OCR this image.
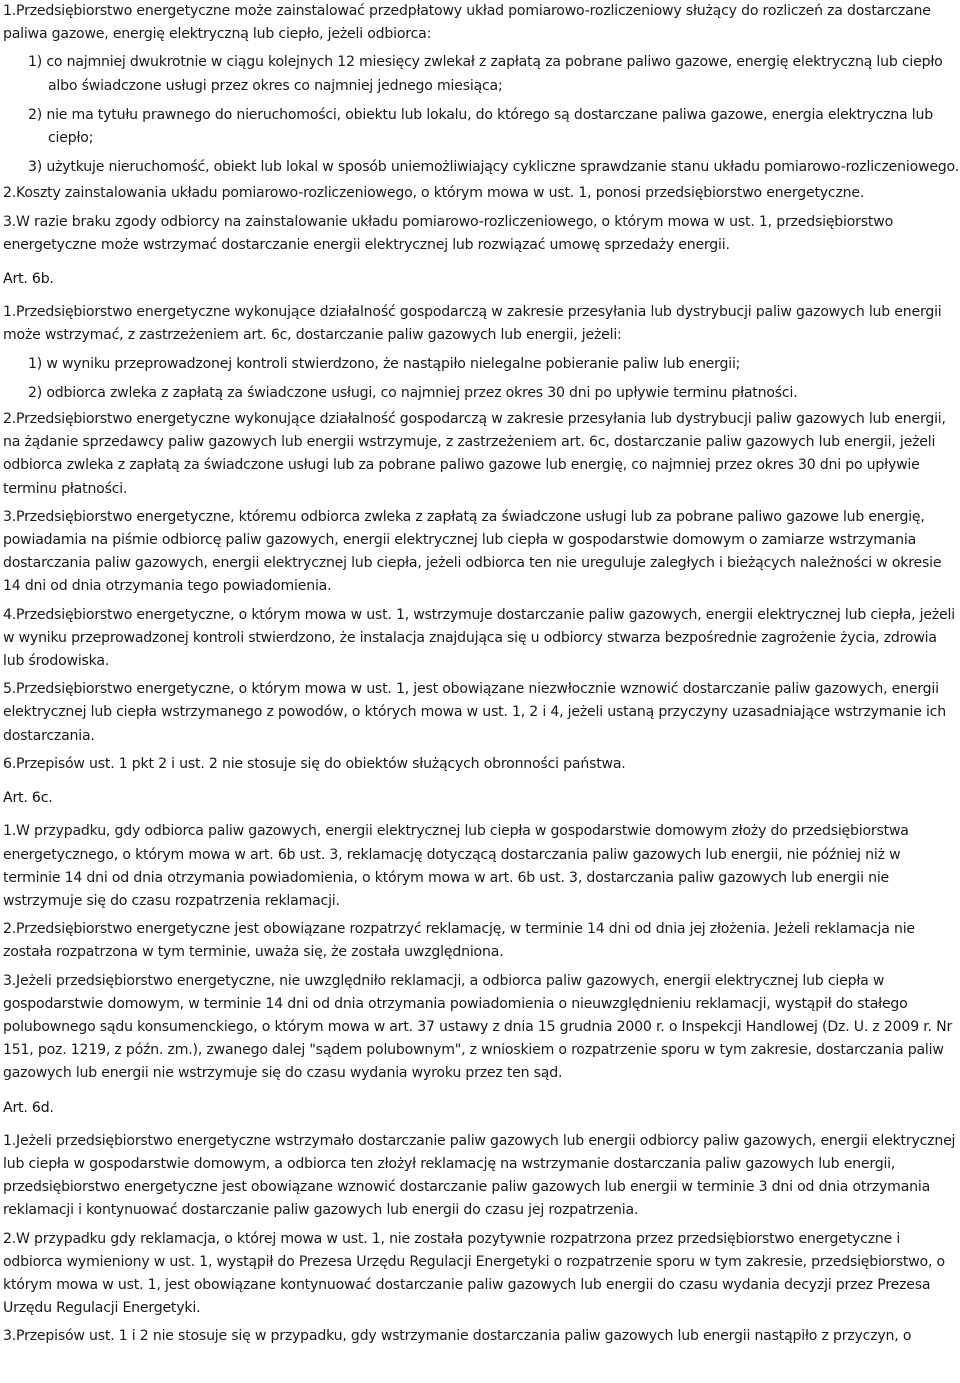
1.Przedsiębiorstwo energetyczne może zainstalować przedpłatowy układ pomiarowo-rozliczeniowy służący do rozliczeń za dostarczane paliwa gazowe, energię elektryczną lub ciepło, jeżeli odbiorca:

1) co najmniej dwukrotnie w ciągu kolejnych 12 miesięcy zwlekał z zapłatą za pobrane paliwo gazowe, energię elektryczną lub ciepło albo świadczone usługi przez okres co najmniej jednego miesiąca;

2) nie ma tytułu prawnego do nieruchomości, obiektu lub lokalu, do którego są dostarczane paliwa gazowe, energia elektryczna lub ciepło;

3) użytkuje nieruchomość, obiekt lub lokal w sposób uniemożliwiający cykliczne sprawdzanie stanu układu pomiarowo-rozliczeniowego.

2.Koszty zainstalowania układu pomiarowo-rozliczeniowego, o którym mowa w ust. 1, ponosi przedsiębiorstwo energetyczne.

3.W razie braku zgody odbiorcy na zainstalowanie układu pomiarowo-rozliczeniowego, o którym mowa w ust. 1, przedsiębiorstwo energetyczne może wstrzymać dostarczanie energii elektrycznej lub rozwiązać umowę sprzedaży energii.

Art. 6b.

1.Przedsiębiorstwo energetyczne wykonujące działalność gospodarczą w zakresie przesyłania lub dystrybucji paliw gazowych lub energii może wstrzymać, z zastrzeżeniem art. 6c, dostarczanie paliw gazowych lub energii, jeżeli:

1) w wyniku przeprowadzonej kontroli stwierdzono, że nastąpiło nielegalne pobieranie paliw lub energii;

2) odbiorca zwleka z zapłatą za świadczone usługi, co najmniej przez okres 30 dni po upływie terminu płatności.

2.Przedsiębiorstwo energetyczne wykonujące działalność gospodarczą w zakresie przesyłania lub dystrybucji paliw gazowych lub energii, na żądanie sprzedawcy paliw gazowych lub energii wstrzymuje, z zastrzeżeniem art. 6c, dostarczanie paliw gazowych lub energii, jeżeli odbiorca zwleka z zapłatą za świadczone usługi lub za pobrane paliwo gazowe lub energię, co najmniej przez okres 30 dni po upływie terminu płatności.

3.Przedsiębiorstwo energetyczne, któremu odbiorca zwleka z zapłatą za świadczone usługi lub za pobrane paliwo gazowe lub energię, powiadamia na piśmie odbiorcę paliw gazowych, energii elektrycznej lub ciepła w gospodarstwie domowym o zamiarze wstrzymania dostarczania paliw gazowych, energii elektrycznej lub ciepła, jeżeli odbiorca ten nie ureguluje zaległych i bieżących należności w okresie 14 dni od dnia otrzymania tego powiadomienia.

4.Przedsiębiorstwo energetyczne, o którym mowa w ust. 1, wstrzymuje dostarczanie paliw gazowych, energii elektrycznej lub ciepła, jeżeli w wyniku przeprowadzonej kontroli stwierdzono, że instalacja znajdująca się u odbiorcy stwarza bezpośrednie zagrożenie życia, zdrowia lub środowiska.

5.Przedsiębiorstwo energetyczne, o którym mowa w ust. 1, jest obowiązane niezwłocznie wznowić dostarczanie paliw gazowych, energii elektrycznej lub ciepła wstrzymanego z powodów, o których mowa w ust. 1, 2 i 4, jeżeli ustaną przyczyny uzasadniające wstrzymanie ich dostarczania.

6.Przepisów ust. 1 pkt 2 i ust. 2 nie stosuje się do obiektów służących obronności państwa.

Art. 6c.

1.W przypadku, gdy odbiorca paliw gazowych, energii elektrycznej lub ciepła w gospodarstwie domowym złoży do przedsiębiorstwa energetycznego, o którym mowa w art. 6b ust. 3, reklamację dotyczącą dostarczania paliw gazowych lub energii, nie później niż w terminie 14 dni od dnia otrzymania powiadomienia, o którym mowa w art. 6b ust. 3, dostarczania paliw gazowych lub energii nie wstrzymuje się do czasu rozpatrzenia reklamacji.

2.Przedsiębiorstwo energetyczne jest obowiązane rozpatrzyć reklamację, w terminie 14 dni od dnia jej złożenia. Jeżeli reklamacja nie została rozpatrzona w tym terminie, uważa się, że została uwzględniona.

3.Jeżeli przedsiębiorstwo energetyczne, nie uwzględniło reklamacji, a odbiorca paliw gazowych, energii elektrycznej lub ciepła w gospodarstwie domowym, w terminie 14 dni od dnia otrzymania powiadomienia o nieuwzględnieniu reklamacji, wystąpił do stałego polubownego sądu konsumenckiego, o którym mowa w art. 37 ustawy z dnia 15 grudnia 2000 r. o Inspekcji Handlowej (Dz. U. z 2009 r. Nr 151, poz. 1219, z późn. zm.), zwanego dalej "sądem polubownym", z wnioskiem o rozpatrzenie sporu w tym zakresie, dostarczania paliw gazowych lub energii nie wstrzymuje się do czasu wydania wyroku przez ten sąd.

Art. 6d.

1.Jeżeli przedsiębiorstwo energetyczne wstrzymało dostarczanie paliw gazowych lub energii odbiorcy paliw gazowych, energii elektrycznej lub ciepła w gospodarstwie domowym, a odbiorca ten złożył reklamację na wstrzymanie dostarczania paliw gazowych lub energii, przedsiębiorstwo energetyczne jest obowiązane wznowić dostarczanie paliw gazowych lub energii w terminie 3 dni od dnia otrzymania reklamacji i kontynuować dostarczanie paliw gazowych lub energii do czasu jej rozpatrzenia.

2.W przypadku gdy reklamacja, o której mowa w ust. 1, nie została pozytywnie rozpatrzona przez przedsiębiorstwo energetyczne i odbiorca wymieniony w ust. 1, wystąpił do Prezesa Urzędu Regulacji Energetyki o rozpatrzenie sporu w tym zakresie, przedsiębiorstwo, o którym mowa w ust. 1, jest obowiązane kontynuować dostarczanie paliw gazowych lub energii do czasu wydania decyzji przez Prezesa Urzędu Regulacji Energetyki.

3.Przepisów ust. 1 i 2 nie stosuje się w przypadku, gdy wstrzymanie dostarczania paliw gazowych lub energii nastąpiło z przyczyn, o
